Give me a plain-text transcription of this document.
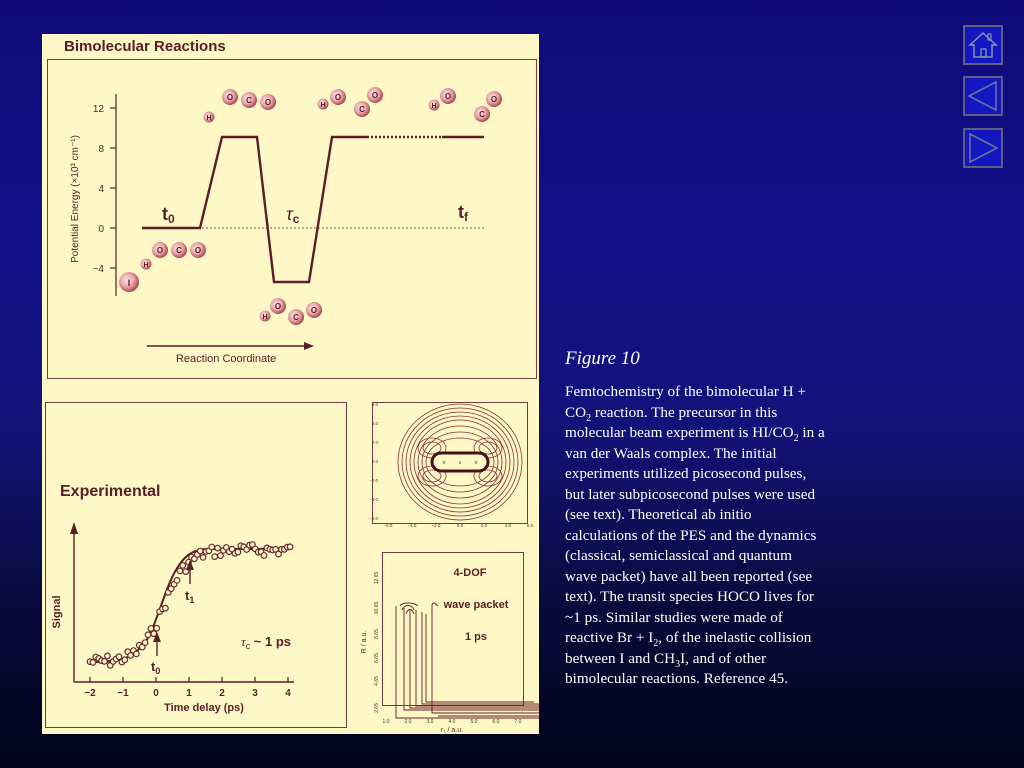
Bimolecular Reactions
12
8
4
0
−4
Potential Energy (×10³ cm⁻¹)	t0	τc	tf
Reaction Coordinate
I
H
O C O
H
O C O
H
O
C
O
H
O
C
O
H
O
C
O
Experimental
Signal
−2 −1 0	1	2	3	4
Time delay (ps)
$t_1$
$t_0$
$\tau_c$ ~ 1 ps
6.0
4.0
2.0
0.0
−2.0
−4.0
−6.0
−6.0	−4.0	−2.0	0.0	2.0	4.0	6.0
o	c	o
4-DOF
wave packet
1 ps
R / a.u.
r₁ / a.u.
2.65
4.65
6.65
8.65
10.65
12.65
1.0	2.0	3.0	4.0	5.0	6.0	7.0
Figure 10
Femtochemistry of the bimolecular $H + CO_2$ reaction. The precursor in this molecular beam experiment is $HI/CO_2$ in a van der Waals complex. The initial experiments utilized picosecond pulses, but later subpicosecond pulses were used (see text). Theoretical ab initio calculations of the PES and the dynamics (classical, semiclassical and quantum wave packet) have all been reported (see text). The transit species HOCO lives for ~1 ps. Similar studies were made of reactive $Br + I_2$, of the inelastic collision between I and $CH_3I$, and of other bimolecular reactions. Reference 45.
